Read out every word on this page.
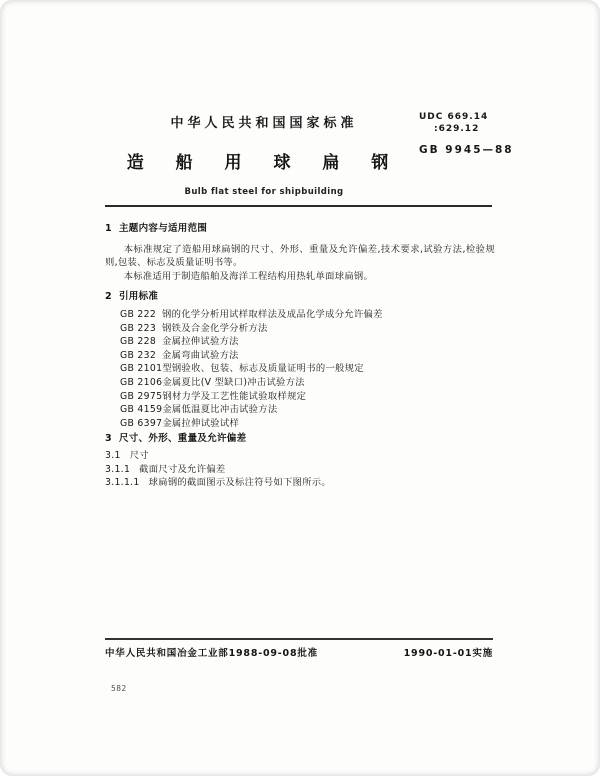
中华人民共和国国家标准
造 船 用 球 扁 钢
Bulb flat steel for shipbuilding
UDC 669.14
:629.12
GB 9945—88
1 主题内容与适用范围

本标准规定了造船用球扁钢的尺寸、外形、重量及允许偏差,技术要求,试验方法,检验规则,包装、标志及质量证明书等。

本标准适用于制造船舶及海洋工程结构用热轧单面球扁钢。

2 引用标准
GB 222 钢的化学分析用试样取样法及成品化学成分允许偏差
GB 223 钢铁及合金化学分析方法
GB 228 金属拉伸试验方法
GB 232 金属弯曲试验方法
GB 2101型钢验收、包装、标志及质量证明书的一般规定
GB 2106金属夏比(V 型缺口)冲击试验方法
GB 2975钢材力学及工艺性能试验取样规定
GB 4159金属低温夏比冲击试验方法
GB 6397金属拉伸试验试样
3 尺寸、外形、重量及允许偏差
3.1 尺寸
3.1.1 截面尺寸及允许偏差
3.1.1.1 球扁钢的截面图示及标注符号如下图所示。
中华人民共和国冶金工业部1988-09-08批准	1990-01-01实施
582
